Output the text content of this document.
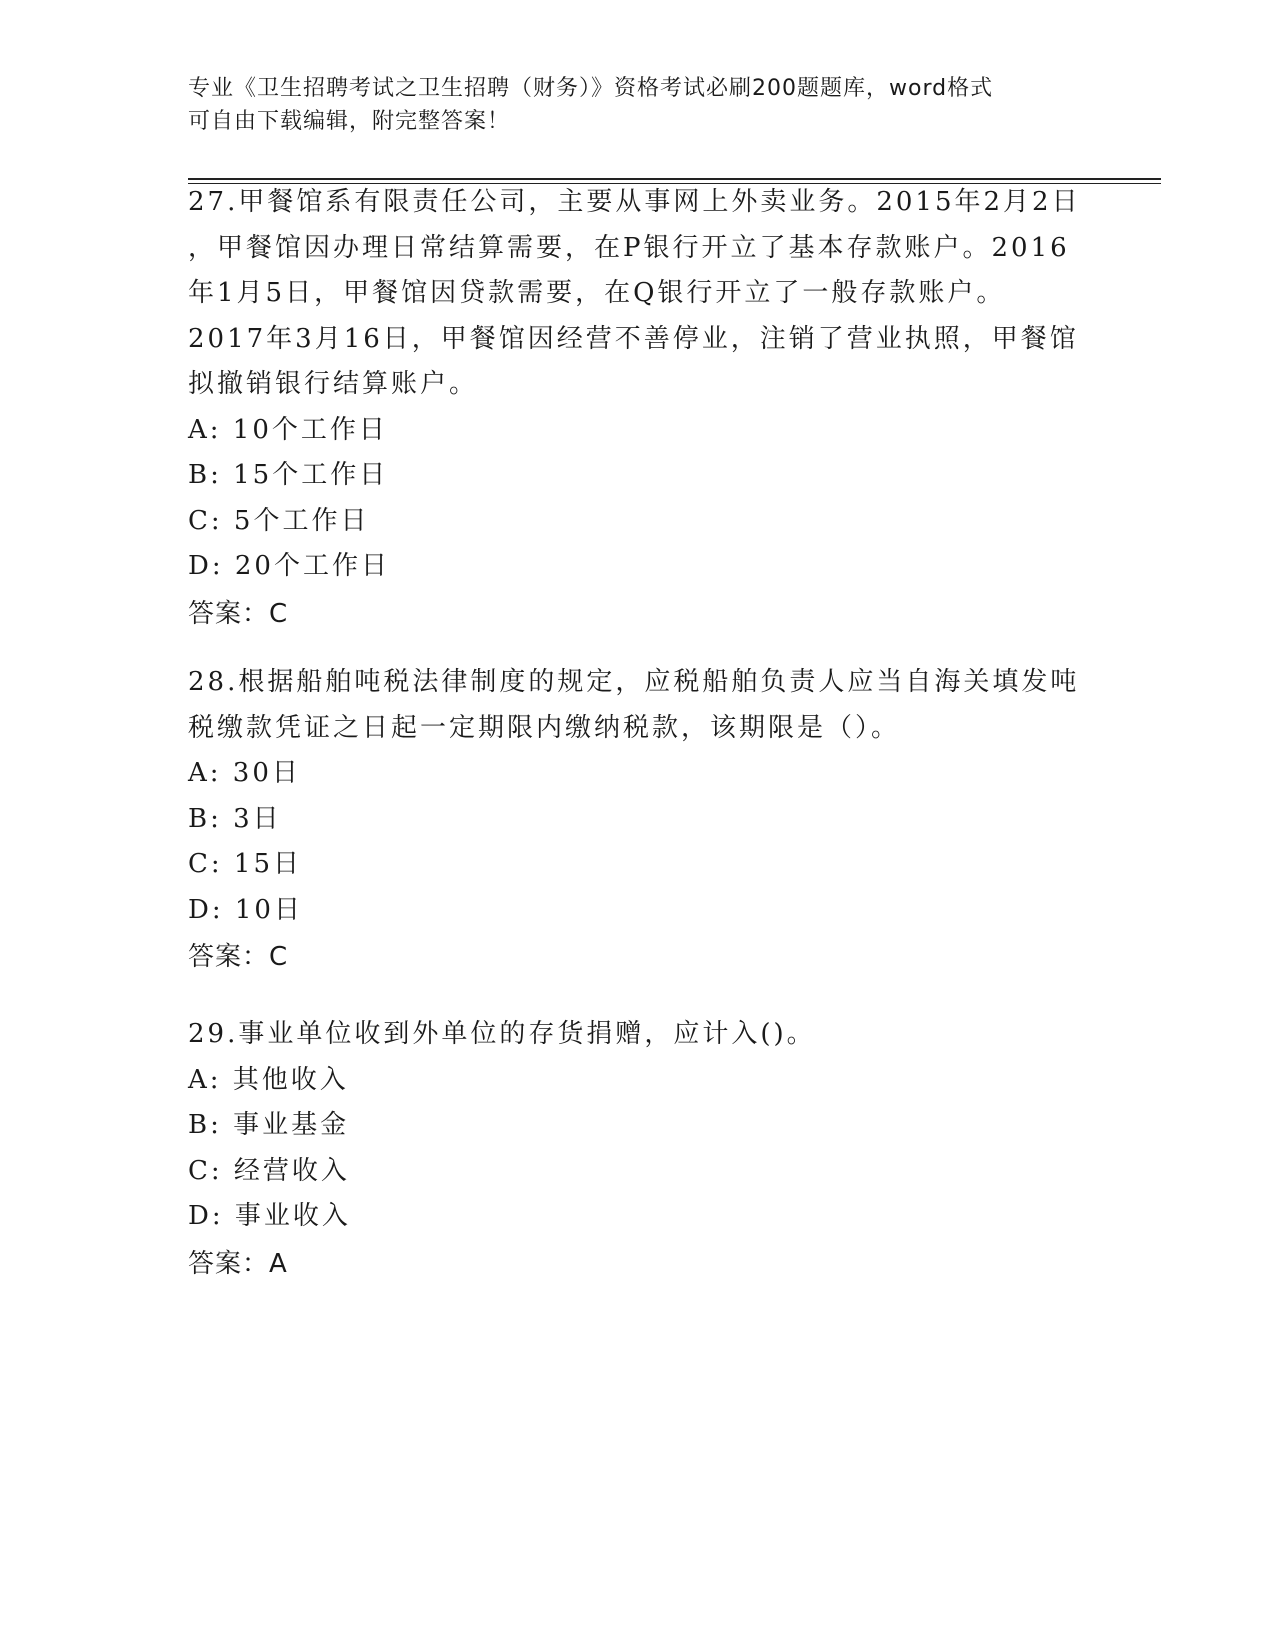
专业《卫生招聘考试之卫生招聘（财务）》资格考试必刷200题题库，word格式
可自由下载编辑，附完整答案！
27.甲餐馆系有限责任公司，主要从事网上外卖业务。2015年2月2日
，甲餐馆因办理日常结算需要，在P银行开立了基本存款账户。2016
年1月5日，甲餐馆因贷款需要，在Q银行开立了一般存款账户。
2017年3月16日，甲餐馆因经营不善停业，注销了营业执照，甲餐馆
拟撤销银行结算账户。
A: 10个工作日
B: 15个工作日
C: 5个工作日
D: 20个工作日
答案：C
28.根据船舶吨税法律制度的规定，应税船舶负责人应当自海关填发吨
税缴款凭证之日起一定期限内缴纳税款，该期限是（）。
A: 30日
B: 3日
C: 15日
D: 10日
答案：C
29.事业单位收到外单位的存货捐赠，应计入()。
A: 其他收入
B: 事业基金
C: 经营收入
D: 事业收入
答案：A
